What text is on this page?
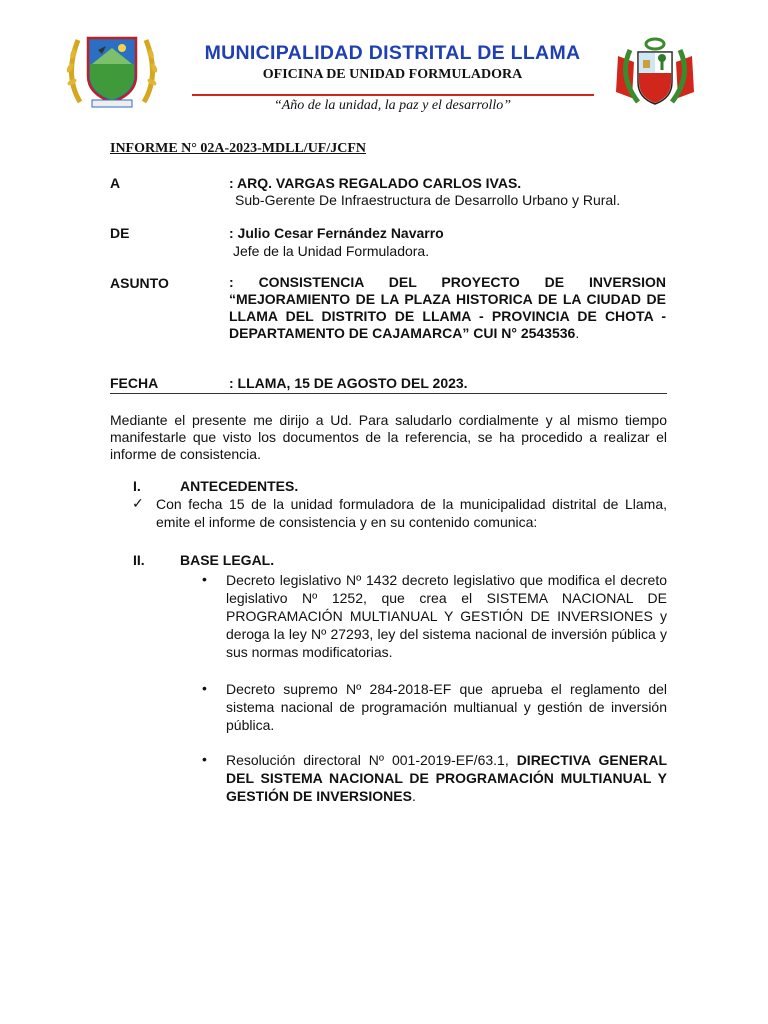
MUNICIPALIDAD DISTRITAL DE LLAMA
OFICINA DE UNIDAD FORMULADORA
“Año de la unidad, la paz y el desarrollo”
INFORME N° 02A-2023-MDLL/UF/JCFN
A	: ARQ. VARGAS REGALADO CARLOS IVAS.
Sub-Gerente De Infraestructura de Desarrollo Urbano y Rural.
DE	: Julio Cesar Fernández Navarro
Jefe de la Unidad Formuladora.
ASUNTO	: CONSISTENCIA DEL PROYECTO DE INVERSION “MEJORAMIENTO DE LA PLAZA HISTORICA DE LA CIUDAD DE LLAMA DEL DISTRITO DE LLAMA - PROVINCIA DE CHOTA - DEPARTAMENTO DE CAJAMARCA” CUI N° 2543536.
FECHA	: LLAMA, 15 DE AGOSTO DEL 2023.
Mediante el presente me dirijo a Ud. Para saludarlo cordialmente y al mismo tiempo manifestarle que visto los documentos de la referencia, se ha procedido a realizar el informe de consistencia.
I.	ANTECEDENTES.
✓ Con fecha 15 de la unidad formuladora de la municipalidad distrital de Llama, emite el informe de consistencia y en su contenido comunica:
II.	BASE LEGAL.
• Decreto legislativo Nº 1432 decreto legislativo que modifica el decreto legislativo Nº 1252, que crea el SISTEMA NACIONAL DE PROGRAMACIÓN MULTIANUAL Y GESTIÓN DE INVERSIONES y deroga la ley Nº 27293, ley del sistema nacional de inversión pública y sus normas modificatorias.
• Decreto supremo Nº 284-2018-EF que aprueba el reglamento del sistema nacional de programación multianual y gestión de inversión pública.
• Resolución directoral Nº 001-2019-EF/63.1, DIRECTIVA GENERAL DEL SISTEMA NACIONAL DE PROGRAMACIÓN MULTIANUAL Y GESTIÓN DE INVERSIONES.
